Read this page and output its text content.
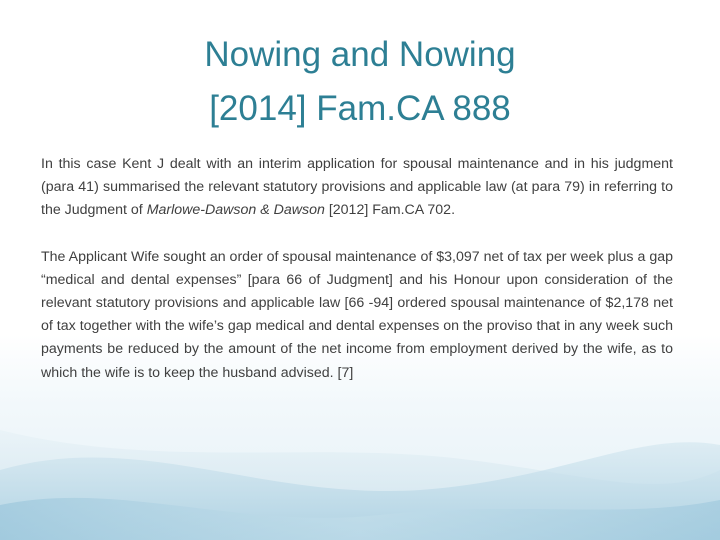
Nowing and Nowing
[2014] Fam.CA 888

In this case Kent J dealt with an interim application for spousal maintenance and in his judgment (para 41) summarised the relevant statutory provisions and applicable law (at para 79) in referring to the Judgment of Marlowe-Dawson & Dawson [2012] Fam.CA 702.

The Applicant Wife sought an order of spousal maintenance of $3,097 net of tax per week plus a gap “medical and dental expenses” [para 66 of Judgment] and his Honour upon consideration of the relevant statutory provisions and applicable law [66 -94] ordered spousal maintenance of $2,178 net of tax together with the wife’s gap medical and dental expenses on the proviso that in any week such payments be reduced by the amount of the net income from employment derived by the wife, as to which the wife is to keep the husband advised. [7]
